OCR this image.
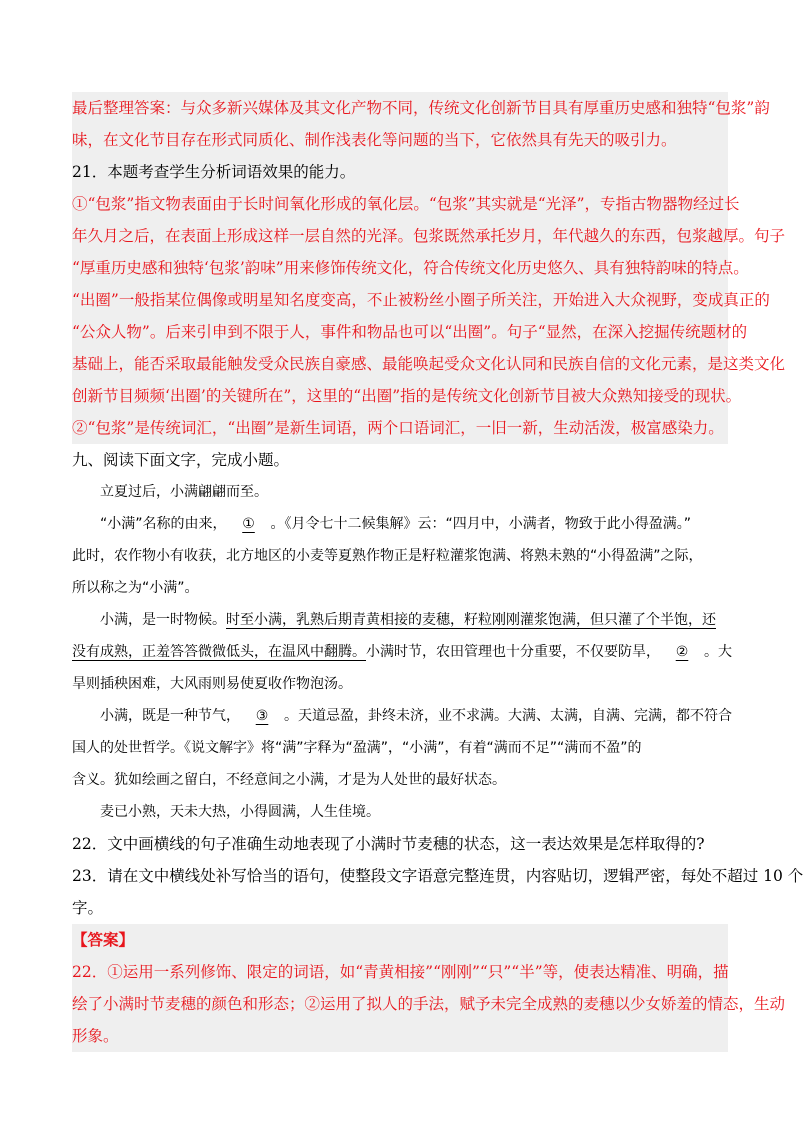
最后整理答案：与众多新兴媒体及其文化产物不同，传统文化创新节目具有厚重历史感和独特“包浆”韵
味，在文化节目存在形式同质化、制作浅表化等问题的当下，它依然具有先天的吸引力。
21．本题考查学生分析词语效果的能力。
①“包浆”指文物表面由于长时间氧化形成的氧化层。“包浆”其实就是“光泽”，专指古物器物经过长
年久月之后，在表面上形成这样一层自然的光泽。包浆既然承托岁月，年代越久的东西，包浆越厚。句子
“厚重历史感和独特‘包浆’韵味”用来修饰传统文化，符合传统文化历史悠久、具有独特韵味的特点。
“出圈”一般指某位偶像或明星知名度变高，不止被粉丝小圈子所关注，开始进入大众视野，变成真正的
“公众人物”。后来引申到不限于人，事件和物品也可以“出圈”。句子“显然，在深入挖掘传统题材的
基础上，能否采取最能触发受众民族自豪感、最能唤起受众文化认同和民族自信的文化元素，是这类文化
创新节目频频‘出圈’的关键所在”，这里的“出圈”指的是传统文化创新节目被大众熟知接受的现状。
②“包浆”是传统词汇，“出圈”是新生词语，两个口语词汇，一旧一新，生动活泼，极富感染力。
九、阅读下面文字，完成小题。
立夏过后，小满翩翩而至。
“小满”名称的由来， ① 。《月令七十二候集解》云：“四月中，小满者，物致于此小得盈满。”
此时，农作物小有收获，北方地区的小麦等夏熟作物正是籽粒灌浆饱满、将熟未熟的“小得盈满”之际，
所以称之为“小满”。
小满，是一时物候。时至小满，乳熟后期青黄相接的麦穗，籽粒刚刚灌浆饱满，但只灌了个半饱，还
没有成熟，正羞答答微微低头，在温风中翻腾。小满时节，农田管理也十分重要，不仅要防旱， ② 。大
旱则插秧困难，大风雨则易使夏收作物泡汤。
小满，既是一种节气， ③ 。天道忌盈，卦终未济，业不求满。大满、太满，自满、完满，都不符合
国人的处世哲学。《说文解字》将“满”字释为“盈满”，“小满”，有着“满而不足”“满而不盈”的
含义。犹如绘画之留白，不经意间之小满，才是为人处世的最好状态。
麦已小熟，天未大热，小得圆满，人生佳境。
22．文中画横线的句子准确生动地表现了小满时节麦穗的状态，这一表达效果是怎样取得的?
23．请在文中横线处补写恰当的语句，使整段文字语意完整连贯，内容贴切，逻辑严密，每处不超过 10 个
字。
【答案】
22．①运用一系列修饰、限定的词语，如“青黄相接”“刚刚”“只”“半”等，使表达精准、明确，描
绘了小满时节麦穗的颜色和形态；②运用了拟人的手法，赋予未完全成熟的麦穗以少女娇羞的情态，生动
形象。
